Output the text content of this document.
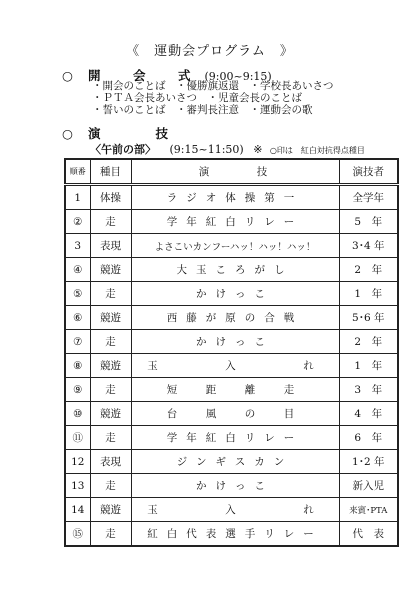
《　運動会プログラム　》
○ 開　会　式 (9:00~9:15)
・開会のことば　・優勝旗返還　・学校長あいさつ
・ＰＴＡ会長あいさつ　・児童会長のことば
・誓いのことば　・審判長注意　・運動会の歌
○ 演　　技
〈午前の部〉 (9:15~11:50) ※ ○印は　紅白対抗得点種目
順番	種目	演　　　技	演技者
1	体操	ラジオ体操第一	全学年
②	走	学年紅白リレー	5　年
3	表現	よさこいカンフーハッ！ハッ！ハッ！	3･4 年
④	競遊	大玉ころがし	2　年
⑤	走	かけっこ	1　年
⑥	競遊	西藤が原の合戦	5･6 年
⑦	走	かけっこ	2　年
⑧	競遊	玉　　　入　　　れ	1　年
⑨	走	短　距　離　走	3　年
⑩	競遊	台　風　の　目	4　年
⑪	走	学年紅白リレー	6　年
12	表現	ジンギスカン	1･2 年
13	走	かけっこ	新入児
14	競遊	玉　　　入　　　れ	来賓･PTA
⑮	走	紅白代表選手リレー	代　表
